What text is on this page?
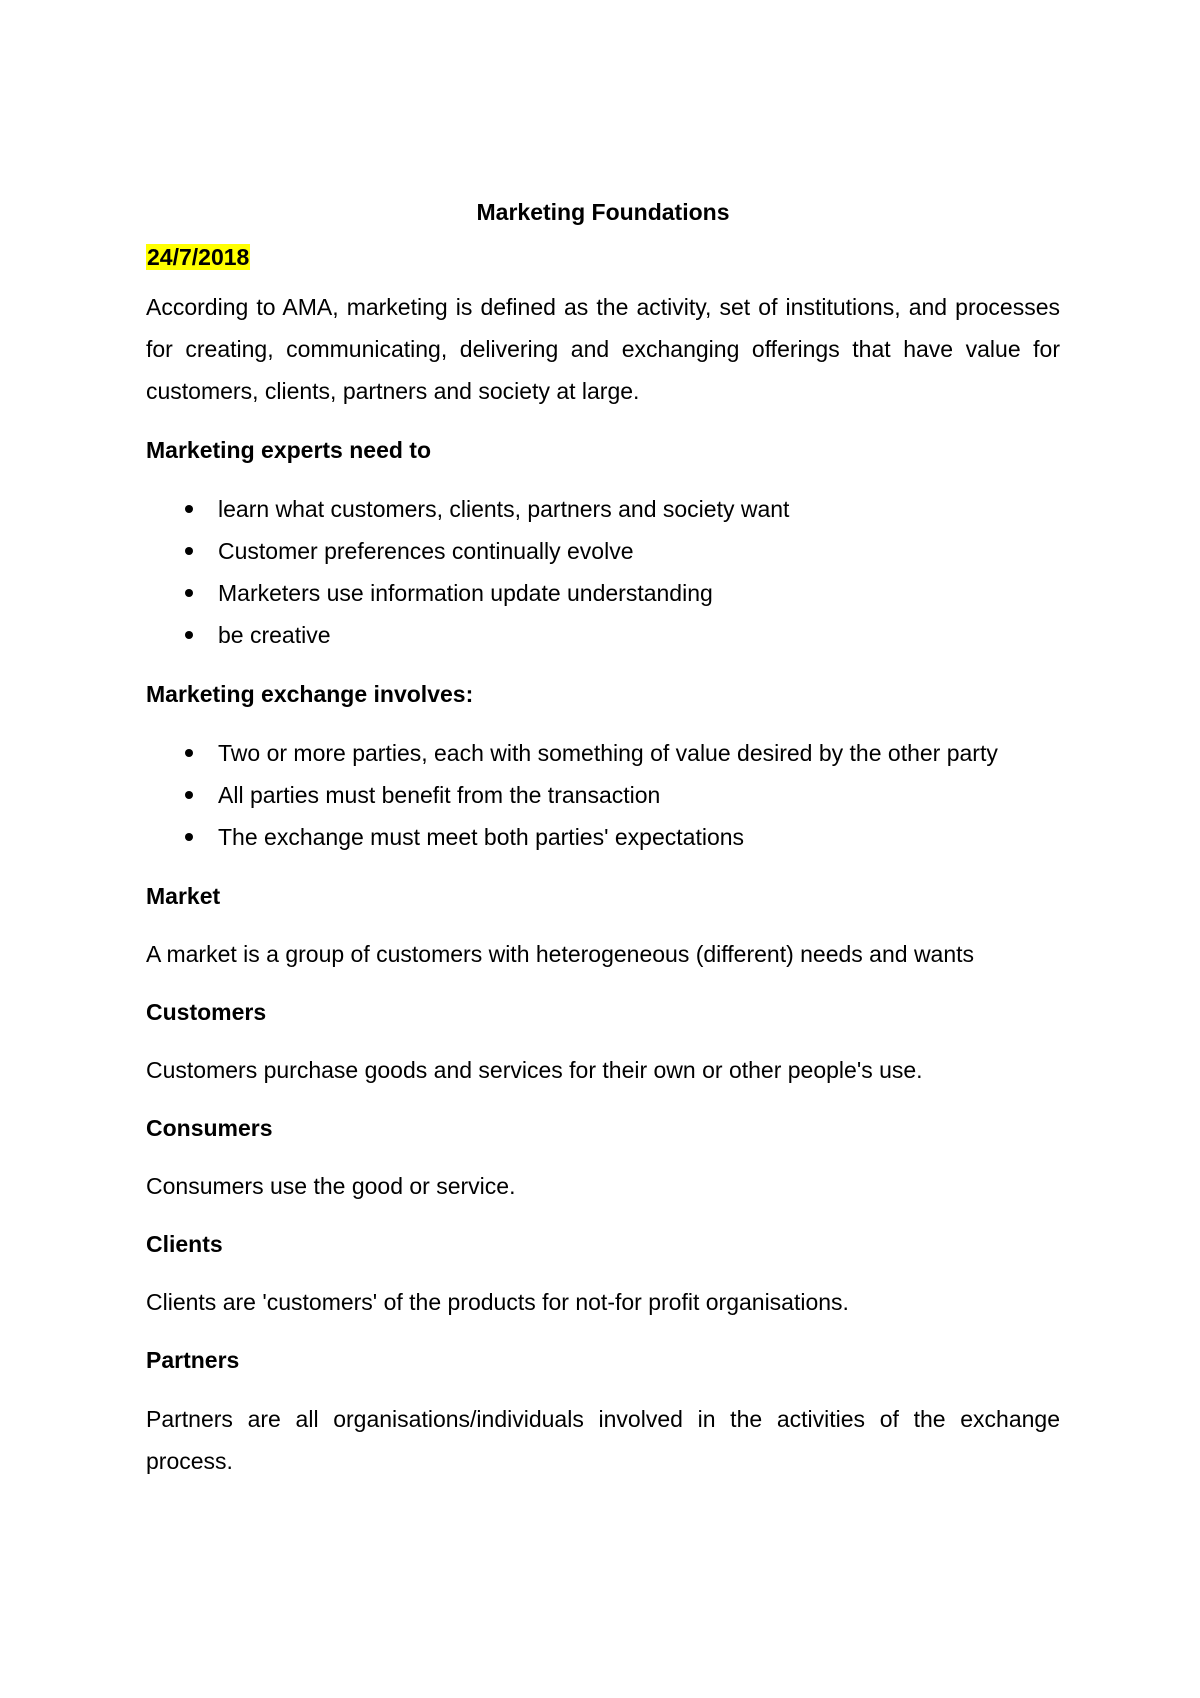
Marketing Foundations
24/7/2018
According to AMA, marketing is defined as the activity, set of institutions, and processes for creating, communicating, delivering and exchanging offerings that have value for customers, clients, partners and society at large.
Marketing experts need to
learn what customers, clients, partners and society want
Customer preferences continually evolve
Marketers use information update understanding
be creative
Marketing exchange involves:
Two or more parties, each with something of value desired by the other party
All parties must benefit from the transaction
The exchange must meet both parties' expectations
Market
A market is a group of customers with heterogeneous (different) needs and wants
Customers
Customers purchase goods and services for their own or other people's use.
Consumers
Consumers use the good or service.
Clients
Clients are 'customers' of the products for not-for profit organisations.
Partners
Partners are all organisations/individuals involved in the activities of the exchange process.
